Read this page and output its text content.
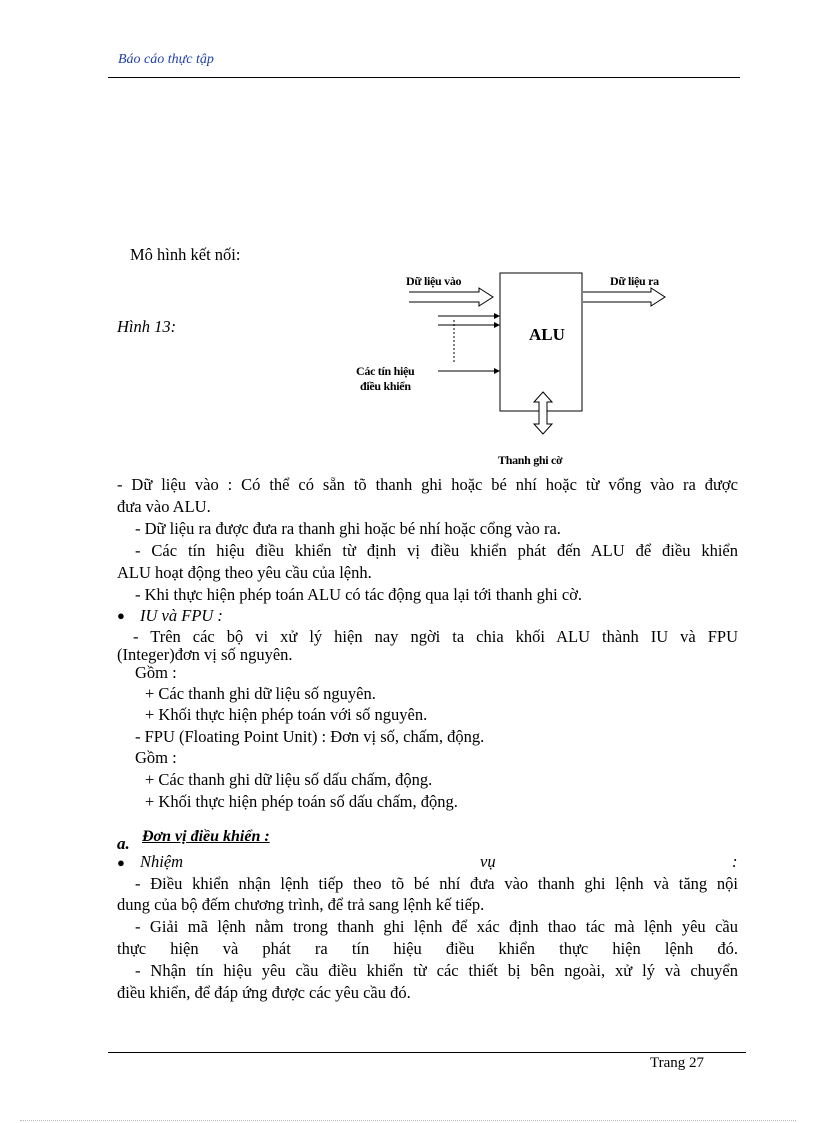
Báo cáo thực tập
Mô hình kết nối:
Hình 13:
Dữ liệu vào	Dữ liệu ra
ALU
Các tín hiệu
điều khiển
Thanh ghi cờ
- Dữ liệu vào : Có thể có sẵn tõ thanh ghi hoặc bé nhí hoặc từ vổng vào ra được
đưa vào ALU.
- Dữ liệu ra được đưa ra thanh ghi hoặc bé nhí hoặc cổng vào ra.
- Các tín hiệu điều khiển từ định vị điều khiển phát đến ALU để điều khiển
ALU hoạt động theo yêu cầu của lệnh.
- Khi thực hiện phép toán ALU có tác động qua lại tới thanh ghi cờ.
● IU và FPU :
- Trên các bộ vi xử lý hiện nay ngời ta chia khối ALU thành IU và FPU
(Integer)đơn vị số nguyên.
Gồm :
+ Các thanh ghi dữ liệu số nguyên.
+ Khối thực hiện phép toán với số nguyên.
- FPU (Floating Point Unit) : Đơn vị số, chấm, động.
Gồm :
+ Các thanh ghi dữ liệu số dấu chấm, động.
+ Khối thực hiện phép toán số dấu chấm, động.
a. Đơn vị điều khiển :
● Nhiệm	vụ	:
- Điều khiển nhận lệnh tiếp theo tõ bé nhí đưa vào thanh ghi lệnh và tăng nội
dung của bộ đếm chương trình, để trả sang lệnh kế tiếp.
- Giải mã lệnh nằm trong thanh ghi lệnh để xác định thao tác mà lệnh yêu cầu
thực hiện và phát ra tín hiệu điều khiển thực hiện lệnh đó.
- Nhận tín hiệu yêu cầu điều khiển từ các thiết bị bên ngoài, xử lý và chuyển
điều khiển, để đáp ứng được các yêu cầu đó.
Trang 27
